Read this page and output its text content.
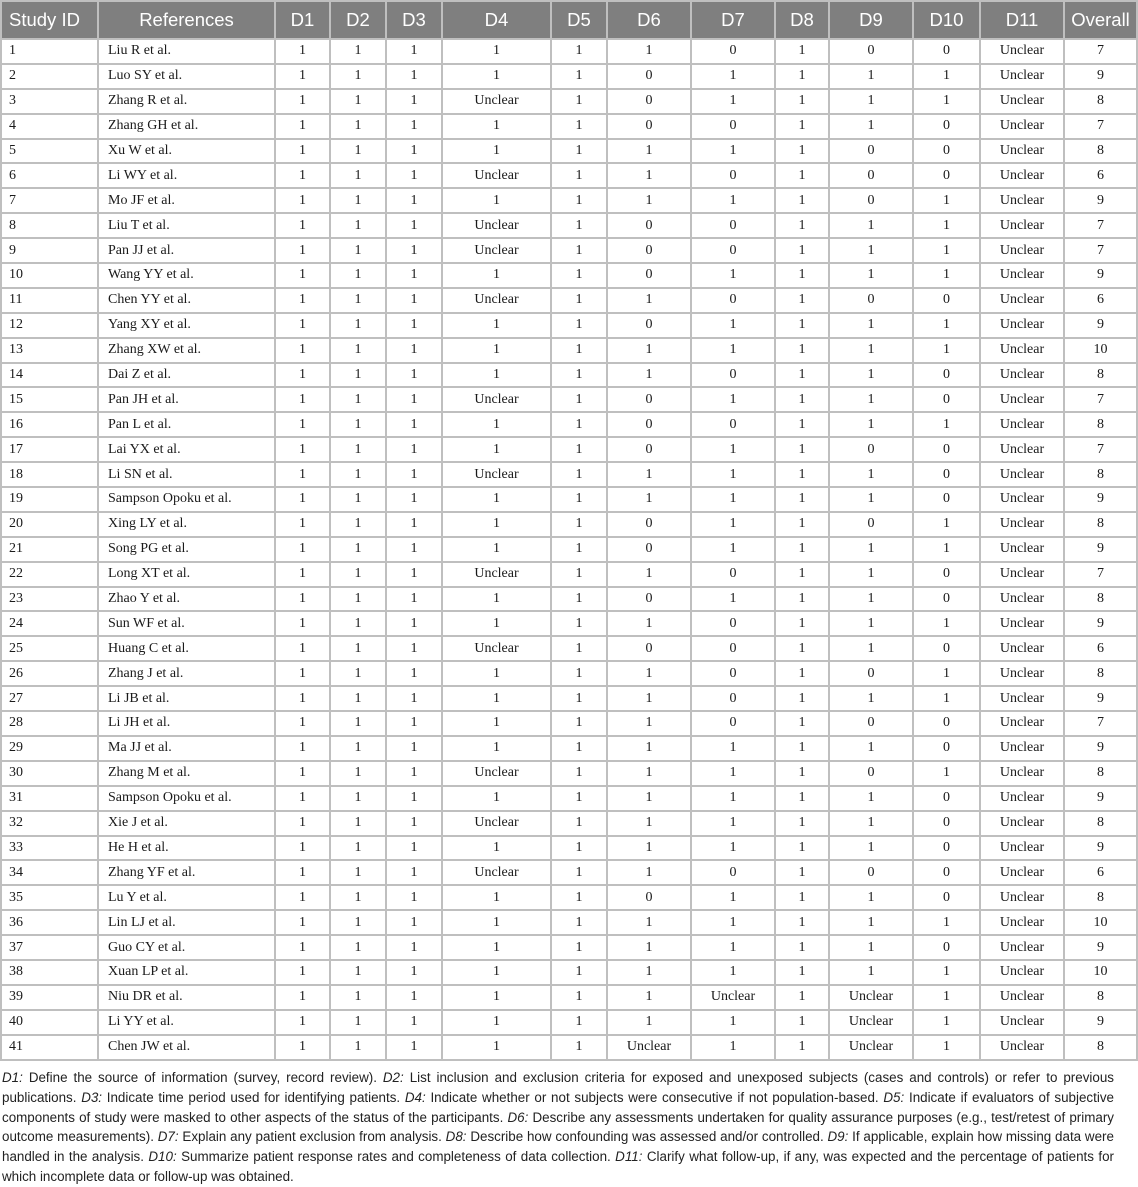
Study ID	References	D1	D2	D3	D4	D5	D6	D7	D8	D9	D10	D11	Overall
1	Liu R et al.	1	1	1	1	1	1	0	1	0	0	Unclear	7
2	Luo SY et al.	1	1	1	1	1	0	1	1	1	1	Unclear	9
3	Zhang R et al.	1	1	1	Unclear	1	0	1	1	1	1	Unclear	8
4	Zhang GH et al.	1	1	1	1	1	0	0	1	1	0	Unclear	7
5	Xu W et al.	1	1	1	1	1	1	1	1	0	0	Unclear	8
6	Li WY et al.	1	1	1	Unclear	1	1	0	1	0	0	Unclear	6
7	Mo JF et al.	1	1	1	1	1	1	1	1	0	1	Unclear	9
8	Liu T et al.	1	1	1	Unclear	1	0	0	1	1	1	Unclear	7
9	Pan JJ et al.	1	1	1	Unclear	1	0	0	1	1	1	Unclear	7
10	Wang YY et al.	1	1	1	1	1	0	1	1	1	1	Unclear	9
11	Chen YY et al.	1	1	1	Unclear	1	1	0	1	0	0	Unclear	6
12	Yang XY et al.	1	1	1	1	1	0	1	1	1	1	Unclear	9
13	Zhang XW et al.	1	1	1	1	1	1	1	1	1	1	Unclear	10
14	Dai Z et al.	1	1	1	1	1	1	0	1	1	0	Unclear	8
15	Pan JH et al.	1	1	1	Unclear	1	0	1	1	1	0	Unclear	7
16	Pan L et al.	1	1	1	1	1	0	0	1	1	1	Unclear	8
17	Lai YX et al.	1	1	1	1	1	0	1	1	0	0	Unclear	7
18	Li SN et al.	1	1	1	Unclear	1	1	1	1	1	0	Unclear	8
19	Sampson Opoku et al.	1	1	1	1	1	1	1	1	1	0	Unclear	9
20	Xing LY et al.	1	1	1	1	1	0	1	1	0	1	Unclear	8
21	Song PG et al.	1	1	1	1	1	0	1	1	1	1	Unclear	9
22	Long XT et al.	1	1	1	Unclear	1	1	0	1	1	0	Unclear	7
23	Zhao Y et al.	1	1	1	1	1	0	1	1	1	0	Unclear	8
24	Sun WF et al.	1	1	1	1	1	1	0	1	1	1	Unclear	9
25	Huang C et al.	1	1	1	Unclear	1	0	0	1	1	0	Unclear	6
26	Zhang J et al.	1	1	1	1	1	1	0	1	0	1	Unclear	8
27	Li JB et al.	1	1	1	1	1	1	0	1	1	1	Unclear	9
28	Li JH et al.	1	1	1	1	1	1	0	1	0	0	Unclear	7
29	Ma JJ et al.	1	1	1	1	1	1	1	1	1	0	Unclear	9
30	Zhang M et al.	1	1	1	Unclear	1	1	1	1	0	1	Unclear	8
31	Sampson Opoku et al.	1	1	1	1	1	1	1	1	1	0	Unclear	9
32	Xie J et al.	1	1	1	Unclear	1	1	1	1	1	0	Unclear	8
33	He H et al.	1	1	1	1	1	1	1	1	1	0	Unclear	9
34	Zhang YF et al.	1	1	1	Unclear	1	1	0	1	0	0	Unclear	6
35	Lu Y et al.	1	1	1	1	1	0	1	1	1	0	Unclear	8
36	Lin LJ et al.	1	1	1	1	1	1	1	1	1	1	Unclear	10
37	Guo CY et al.	1	1	1	1	1	1	1	1	1	0	Unclear	9
38	Xuan LP et al.	1	1	1	1	1	1	1	1	1	1	Unclear	10
39	Niu DR et al.	1	1	1	1	1	1	Unclear	1	Unclear	1	Unclear	8
40	Li YY et al.	1	1	1	1	1	1	1	1	Unclear	1	Unclear	9
41	Chen JW et al.	1	1	1	1	1	Unclear	1	1	Unclear	1	Unclear	8

D1: Define the source of information (survey, record review). D2: List inclusion and exclusion criteria for exposed and unexposed subjects (cases and controls) or refer to previous publications. D3: Indicate time period used for identifying patients. D4: Indicate whether or not subjects were consecutive if not population-based. D5: Indicate if evaluators of subjective components of study were masked to other aspects of the status of the participants. D6: Describe any assessments undertaken for quality assurance purposes (e.g., test/retest of primary outcome measurements). D7: Explain any patient exclusion from analysis. D8: Describe how confounding was assessed and/or controlled. D9: If applicable, explain how missing data were handled in the analysis. D10: Summarize patient response rates and completeness of data collection. D11: Clarify what follow-up, if any, was expected and the percentage of patients for which incomplete data or follow-up was obtained.
